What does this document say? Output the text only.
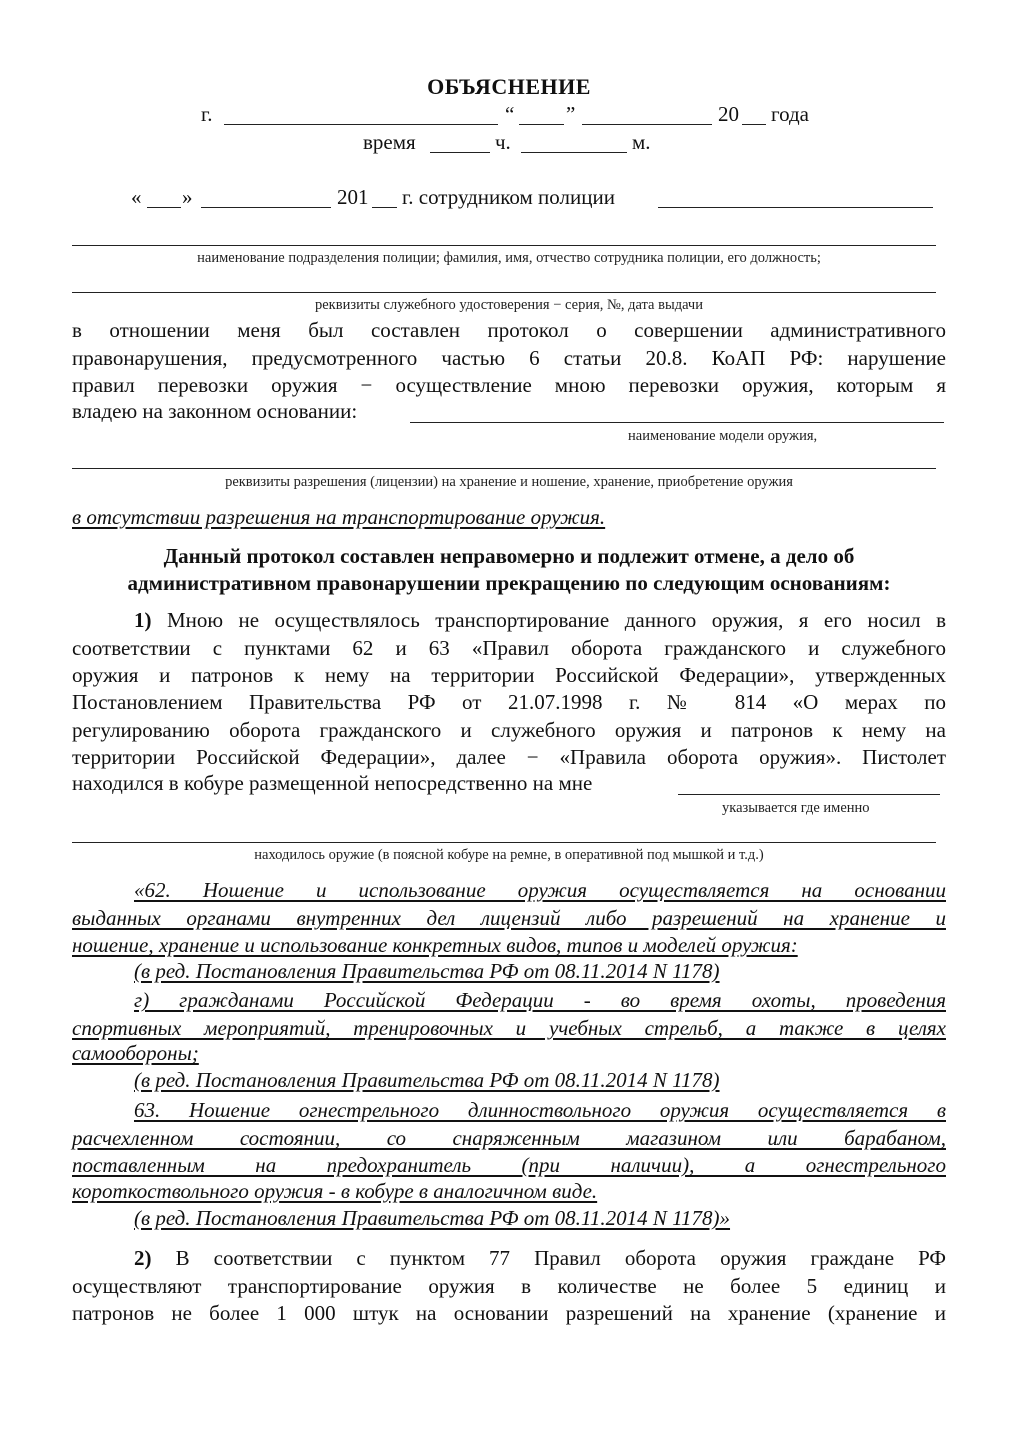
ОБЪЯСНЕНИЕ
г.	“ ”	20 года
время	ч.	м.
« »	201 г. сотрудником полиции
наименование подразделения полиции; фамилия, имя, отчество сотрудника полиции, его должность;
реквизиты служебного удостоверения − серия, №, дата выдачи
в отношении меня был составлен протокол о совершении административного
правонарушения, предусмотренного частью 6 статьи 20.8. КоАП РФ: нарушение
правил перевозки оружия − осуществление мною перевозки оружия, которым я
владею на законном основании:
наименование модели оружия,
реквизиты разрешения (лицензии) на хранение и ношение, хранение, приобретение оружия
в отсутствии разрешения на транспортирование оружия.
Данный протокол составлен неправомерно и подлежит отмене, а дело об
административном правонарушении прекращению по следующим основаниям:
1) Мною не осуществлялось транспортирование данного оружия, я его носил в
соответствии с пунктами 62 и 63 «Правил оборота гражданского и служебного
оружия и патронов к нему на территории Российской Федерации», утвержденных
Постановлением Правительства РФ от 21.07.1998 г. № 814 «О мерах по
регулированию оборота гражданского и служебного оружия и патронов к нему на
территории Российской Федерации», далее − «Правила оборота оружия». Пистолет
находился в кобуре размещенной непосредственно на мне
указывается где именно
находилось оружие (в поясной кобуре на ремне, в оперативной под мышкой и т.д.)
«62. Ношение и использование оружия осуществляется на основании
выданных органами внутренних дел лицензий либо разрешений на хранение и
ношение, хранение и использование конкретных видов, типов и моделей оружия:
(в ред. Постановления Правительства РФ от 08.11.2014 N 1178)
г) гражданами Российской Федерации - во время охоты, проведения
спортивных мероприятий, тренировочных и учебных стрельб, а также в целях
самообороны;
(в ред. Постановления Правительства РФ от 08.11.2014 N 1178)
63. Ношение огнестрельного длинноствольного оружия осуществляется в
расчехленном состоянии, со снаряженным магазином или барабаном,
поставленным на предохранитель (при наличии), а огнестрельного
короткоствольного оружия - в кобуре в аналогичном виде.
(в ред. Постановления Правительства РФ от 08.11.2014 N 1178)»
2) В соответствии с пунктом 77 Правил оборота оружия граждане РФ
осуществляют транспортирование оружия в количестве не более 5 единиц и
патронов не более 1 000 штук на основании разрешений на хранение (хранение и
